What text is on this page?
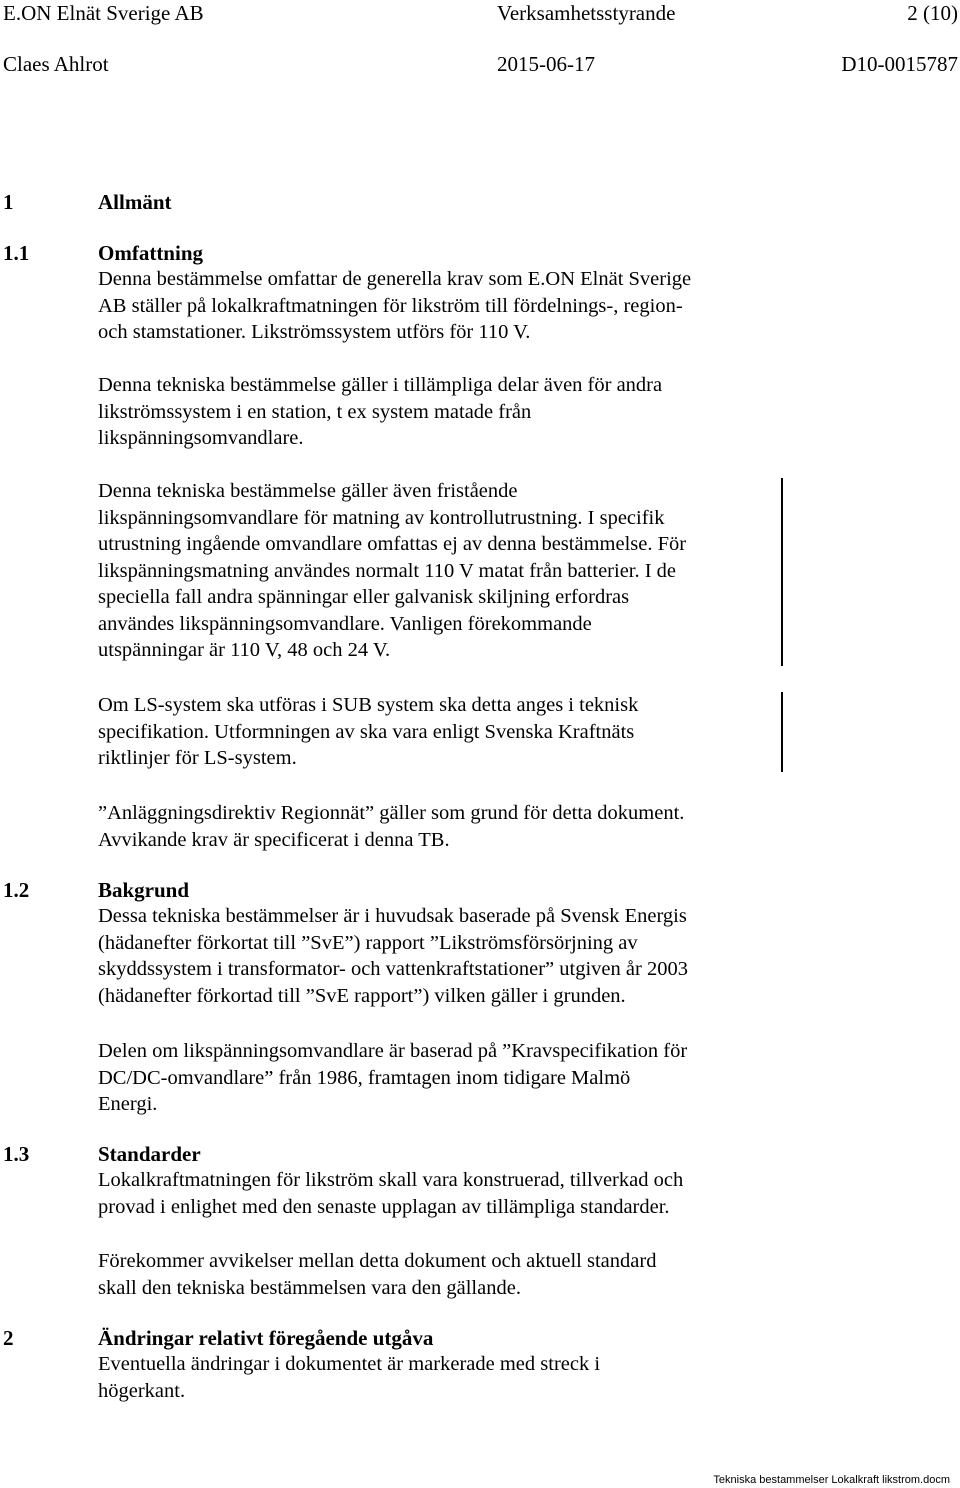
E.ON Elnät Sverige AB	Verksamhetsstyrande	2 (10)
Claes Ahlrot	2015-06-17	D10-0015787
1	Allmänt
1.1	Omfattning
Denna bestämmelse omfattar de generella krav som E.ON Elnät Sverige
AB ställer på lokalkraftmatningen för likström till fördelnings-, region-
och stamstationer. Likströmssystem utförs för 110 V.
Denna tekniska bestämmelse gäller i tillämpliga delar även för andra
likströmssystem i en station, t ex system matade från
likspänningsomvandlare.
Denna tekniska bestämmelse gäller även fristående
likspänningsomvandlare för matning av kontrollutrustning. I specifik
utrustning ingående omvandlare omfattas ej av denna bestämmelse. För
likspänningsmatning användes normalt 110 V matat från batterier. I de
speciella fall andra spänningar eller galvanisk skiljning erfordras
användes likspänningsomvandlare. Vanligen förekommande
utspänningar är 110 V, 48 och 24 V.
Om LS-system ska utföras i SUB system ska detta anges i teknisk
specifikation. Utformningen av ska vara enligt Svenska Kraftnäts
riktlinjer för LS-system.
”Anläggningsdirektiv Regionnät” gäller som grund för detta dokument.
Avvikande krav är specificerat i denna TB.
1.2	Bakgrund
Dessa tekniska bestämmelser är i huvudsak baserade på Svensk Energis
(hädanefter förkortat till ”SvE”) rapport ”Likströmsförsörjning av
skyddssystem i transformator- och vattenkraftstationer” utgiven år 2003
(hädanefter förkortad till ”SvE rapport”) vilken gäller i grunden.
Delen om likspänningsomvandlare är baserad på ”Kravspecifikation för
DC/DC-omvandlare” från 1986, framtagen inom tidigare Malmö
Energi.
1.3	Standarder
Lokalkraftmatningen för likström skall vara konstruerad, tillverkad och
provad i enlighet med den senaste upplagan av tillämpliga standarder.
Förekommer avvikelser mellan detta dokument och aktuell standard
skall den tekniska bestämmelsen vara den gällande.
2	Ändringar relativt föregående utgåva
Eventuella ändringar i dokumentet är markerade med streck i
högerkant.
Tekniska bestammelser Lokalkraft likstrom.docm
